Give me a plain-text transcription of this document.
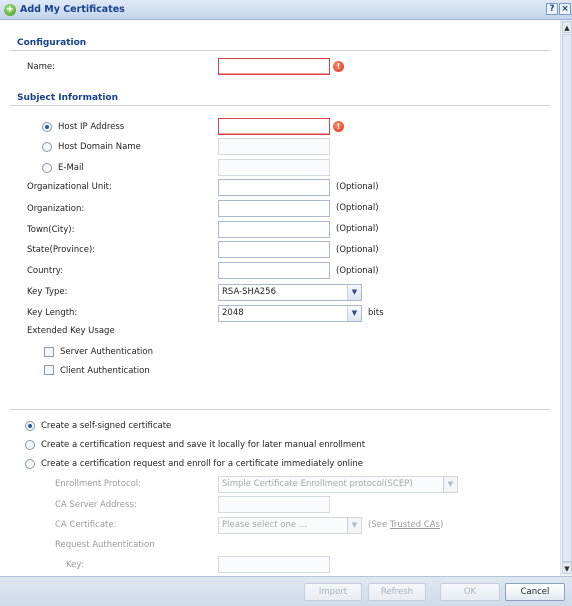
+ Add My Certificates	? ×
Configuration
Name:	!
Subject Information
Host IP Address	!
Host Domain Name
E-Mail
Organizational Unit:	(Optional)
Organization:	(Optional)
Town(City):	(Optional)
State(Province):	(Optional)
Country:	(Optional)
Key Type:	RSA-SHA256	▼
Key Length:	2048	▼	bits
Extended Key Usage
Server Authentication
Client Authentication
Create a self-signed certificate
Create a certification request and save it locally for later manual enrollment
Create a certification request and enroll for a certificate immediately online
Enrollment Protocol:	Simple Certificate Enrollment protocol(SCEP)	▼
CA Server Address:
CA Certificate:	Please select one ...	▼	(See Trusted CAs)
Request Authentication
Key:
▲
▼
Import	Refresh	OK	Cancel
